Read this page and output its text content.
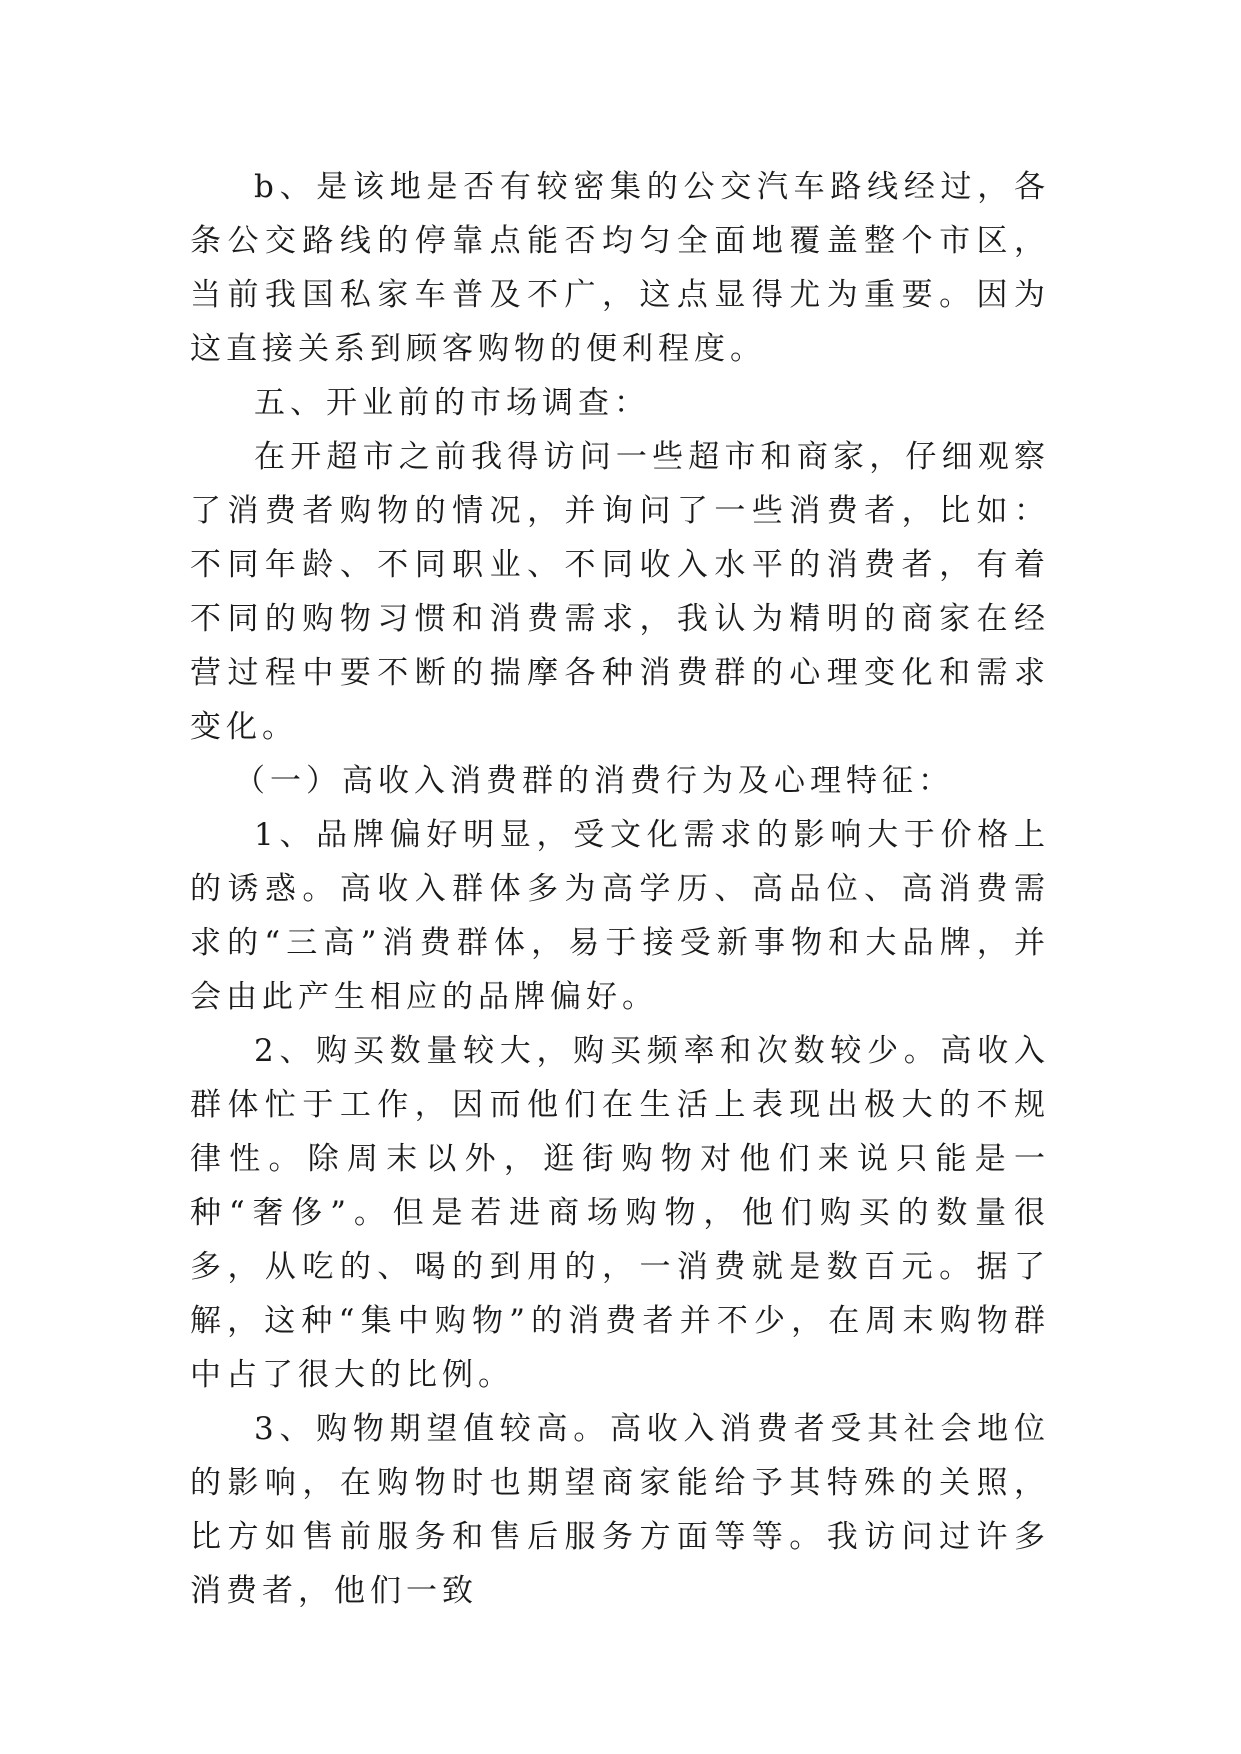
b、是该地是否有较密集的公交汽车路线经过，各条公交路线的停靠点能否均匀全面地覆盖整个市区，当前我国私家车普及不广，这点显得尤为重要。因为这直接关系到顾客购物的便利程度。

五、开业前的市场调查：

在开超市之前我得访问一些超市和商家，仔细观察了消费者购物的情况，并询问了一些消费者，比如：不同年龄、不同职业、不同收入水平的消费者，有着不同的购物习惯和消费需求，我认为精明的商家在经营过程中要不断的揣摩各种消费群的心理变化和需求变化。

（一）高收入消费群的消费行为及心理特征：

1、品牌偏好明显，受文化需求的影响大于价格上的诱惑。高收入群体多为高学历、高品位、高消费需求的“三高”消费群体，易于接受新事物和大品牌，并会由此产生相应的品牌偏好。

2、购买数量较大，购买频率和次数较少。高收入群体忙于工作，因而他们在生活上表现出极大的不规律性。除周末以外，逛街购物对他们来说只能是一种“奢侈”。但是若进商场购物，他们购买的数量很多，从吃的、喝的到用的，一消费就是数百元。据了解，这种“集中购物”的消费者并不少，在周末购物群中占了很大的比例。

3、购物期望值较高。高收入消费者受其社会地位的影响，在购物时也期望商家能给予其特殊的关照，比方如售前服务和售后服务方面等等。我访问过许多消费者，他们一致
